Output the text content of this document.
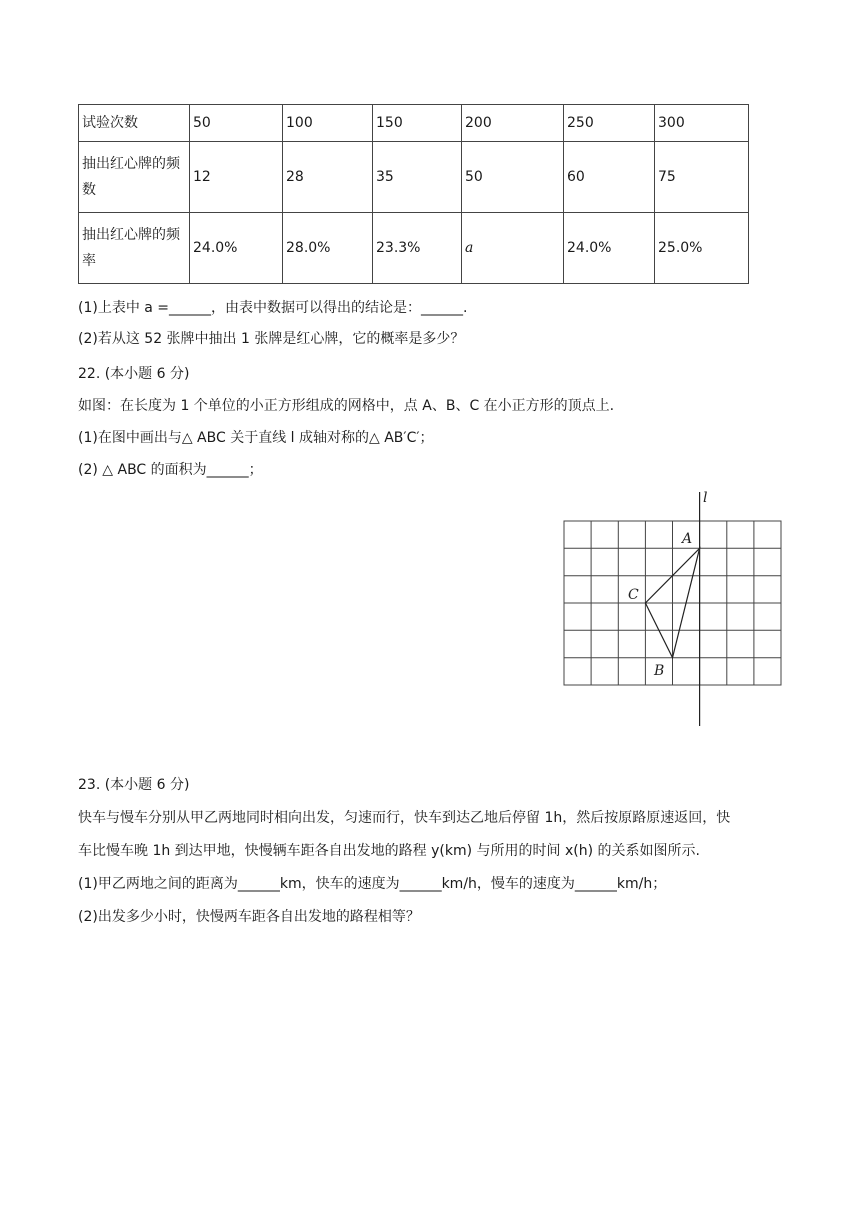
试验次数	50	100	150	200	250	300
抽出红心牌的频数	12	28	35	50	60	75
抽出红心牌的频率	24.0%	28.0%	23.3%	a	24.0%	25.0%
(1)上表中 a =______，由表中数据可以得出的结论是：______.
(2)若从这 52 张牌中抽出 1 张牌是红心牌，它的概率是多少？
22. (本小题 6 分)
如图：在长度为 1 个单位的小正方形组成的网格中，点 A、B、C 在小正方形的顶点上.
(1)在图中画出与△ ABC 关于直线 l 成轴对称的△ AB′C′；
(2) △ ABC 的面积为______；
l
A
B
C
23. (本小题 6 分)
快车与慢车分别从甲乙两地同时相向出发，匀速而行，快车到达乙地后停留 1h，然后按原路原速返回，快
车比慢车晚 1h 到达甲地，快慢辆车距各自出发地的路程 y(km) 与所用的时间 x(h) 的关系如图所示.
(1)甲乙两地之间的距离为______km，快车的速度为______km/h，慢车的速度为______km/h；
(2)出发多少小时，快慢两车距各自出发地的路程相等？
